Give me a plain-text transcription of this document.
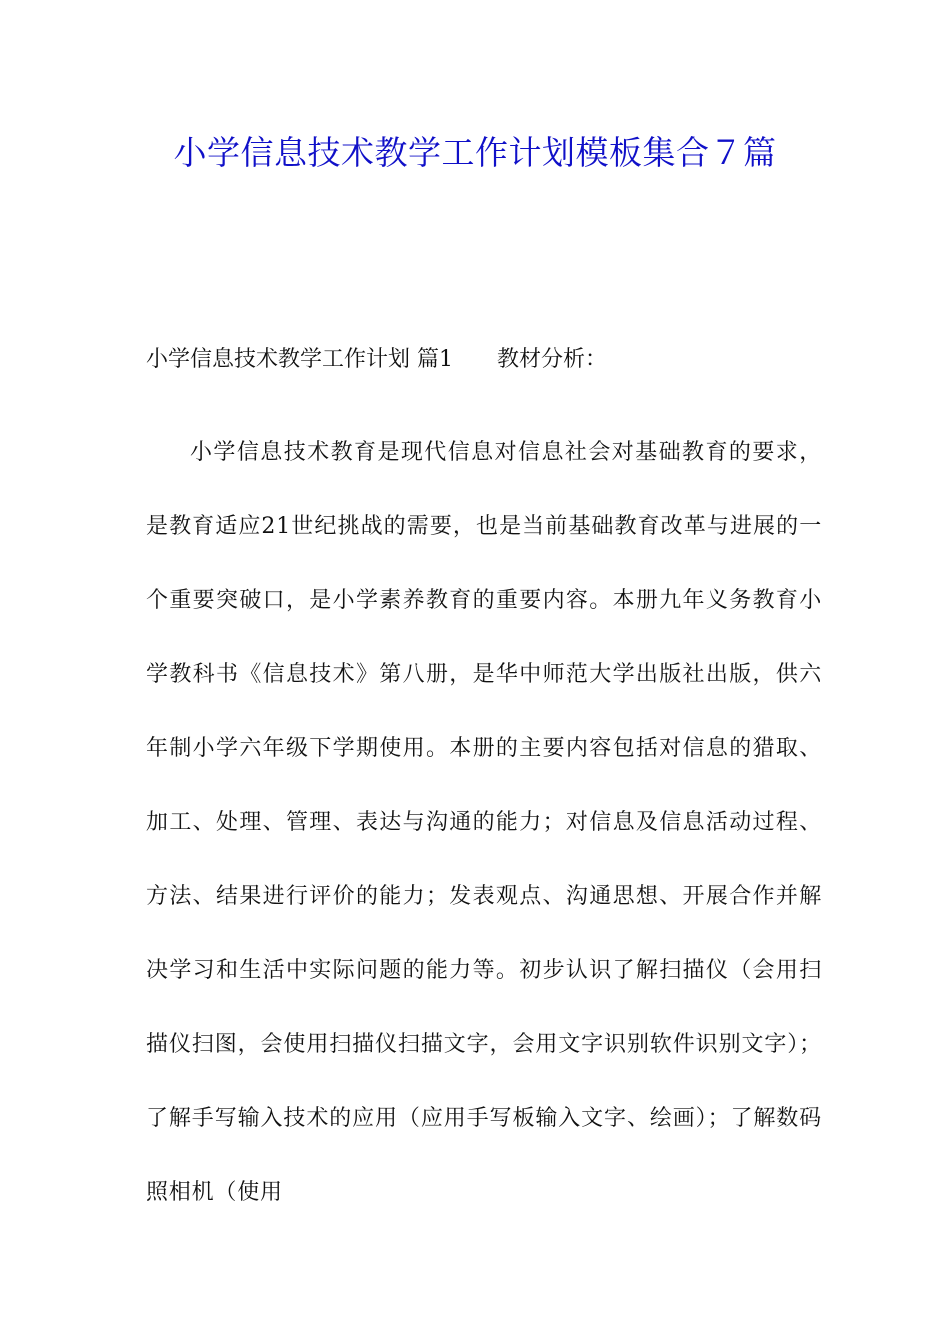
小学信息技术教学工作计划模板集合７篇
小学信息技术教学工作计划 篇1 教材分析：

小学信息技术教育是现代信息对信息社会对基础教育的要求，是教育适应21世纪挑战的需要，也是当前基础教育改革与进展的一个重要突破口，是小学素养教育的重要内容。本册九年义务教育小学教科书《信息技术》第八册，是华中师范大学出版社出版，供六年制小学六年级下学期使用。本册的主要内容包括对信息的猎取、加工、处理、管理、表达与沟通的能力；对信息及信息活动过程、方法、结果进行评价的能力；发表观点、沟通思想、开展合作并解决学习和生活中实际问题的能力等。初步认识了解扫描仪（会用扫描仪扫图，会使用扫描仪扫描文字，会用文字识别软件识别文字）；了解手写输入技术的应用（应用手写板输入文字、绘画）；了解数码照相机（使用
